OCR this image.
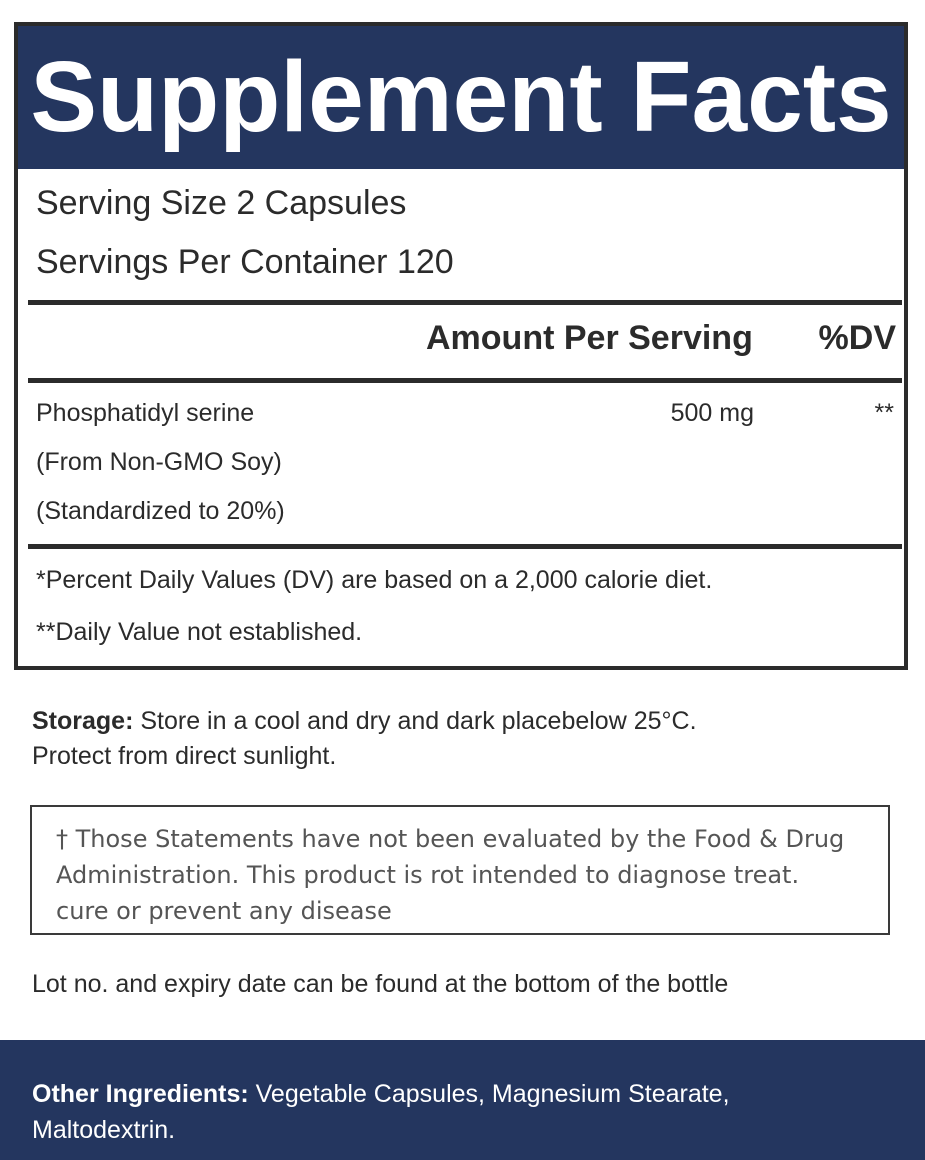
Supplement Facts
Serving Size 2 Capsules
Servings Per Container 120
Amount Per Serving %DV
Phosphatidyl serine
(From Non-GMO Soy)
(Standardized to 20%)
500 mg	**
*Percent Daily Values (DV) are based on a 2,000 calorie diet.
**Daily Value not established.
Storage: Store in a cool and dry and dark placebelow 25°C.
Protect from direct sunlight.
† Those Statements have not been evaluated by the Food & Drug
Administration. This product is rot intended to diagnose treat.
cure or prevent any disease
Lot no. and expiry date can be found at the bottom of the bottle
Other Ingredients: Vegetable Capsules, Magnesium Stearate,
Maltodextrin.
